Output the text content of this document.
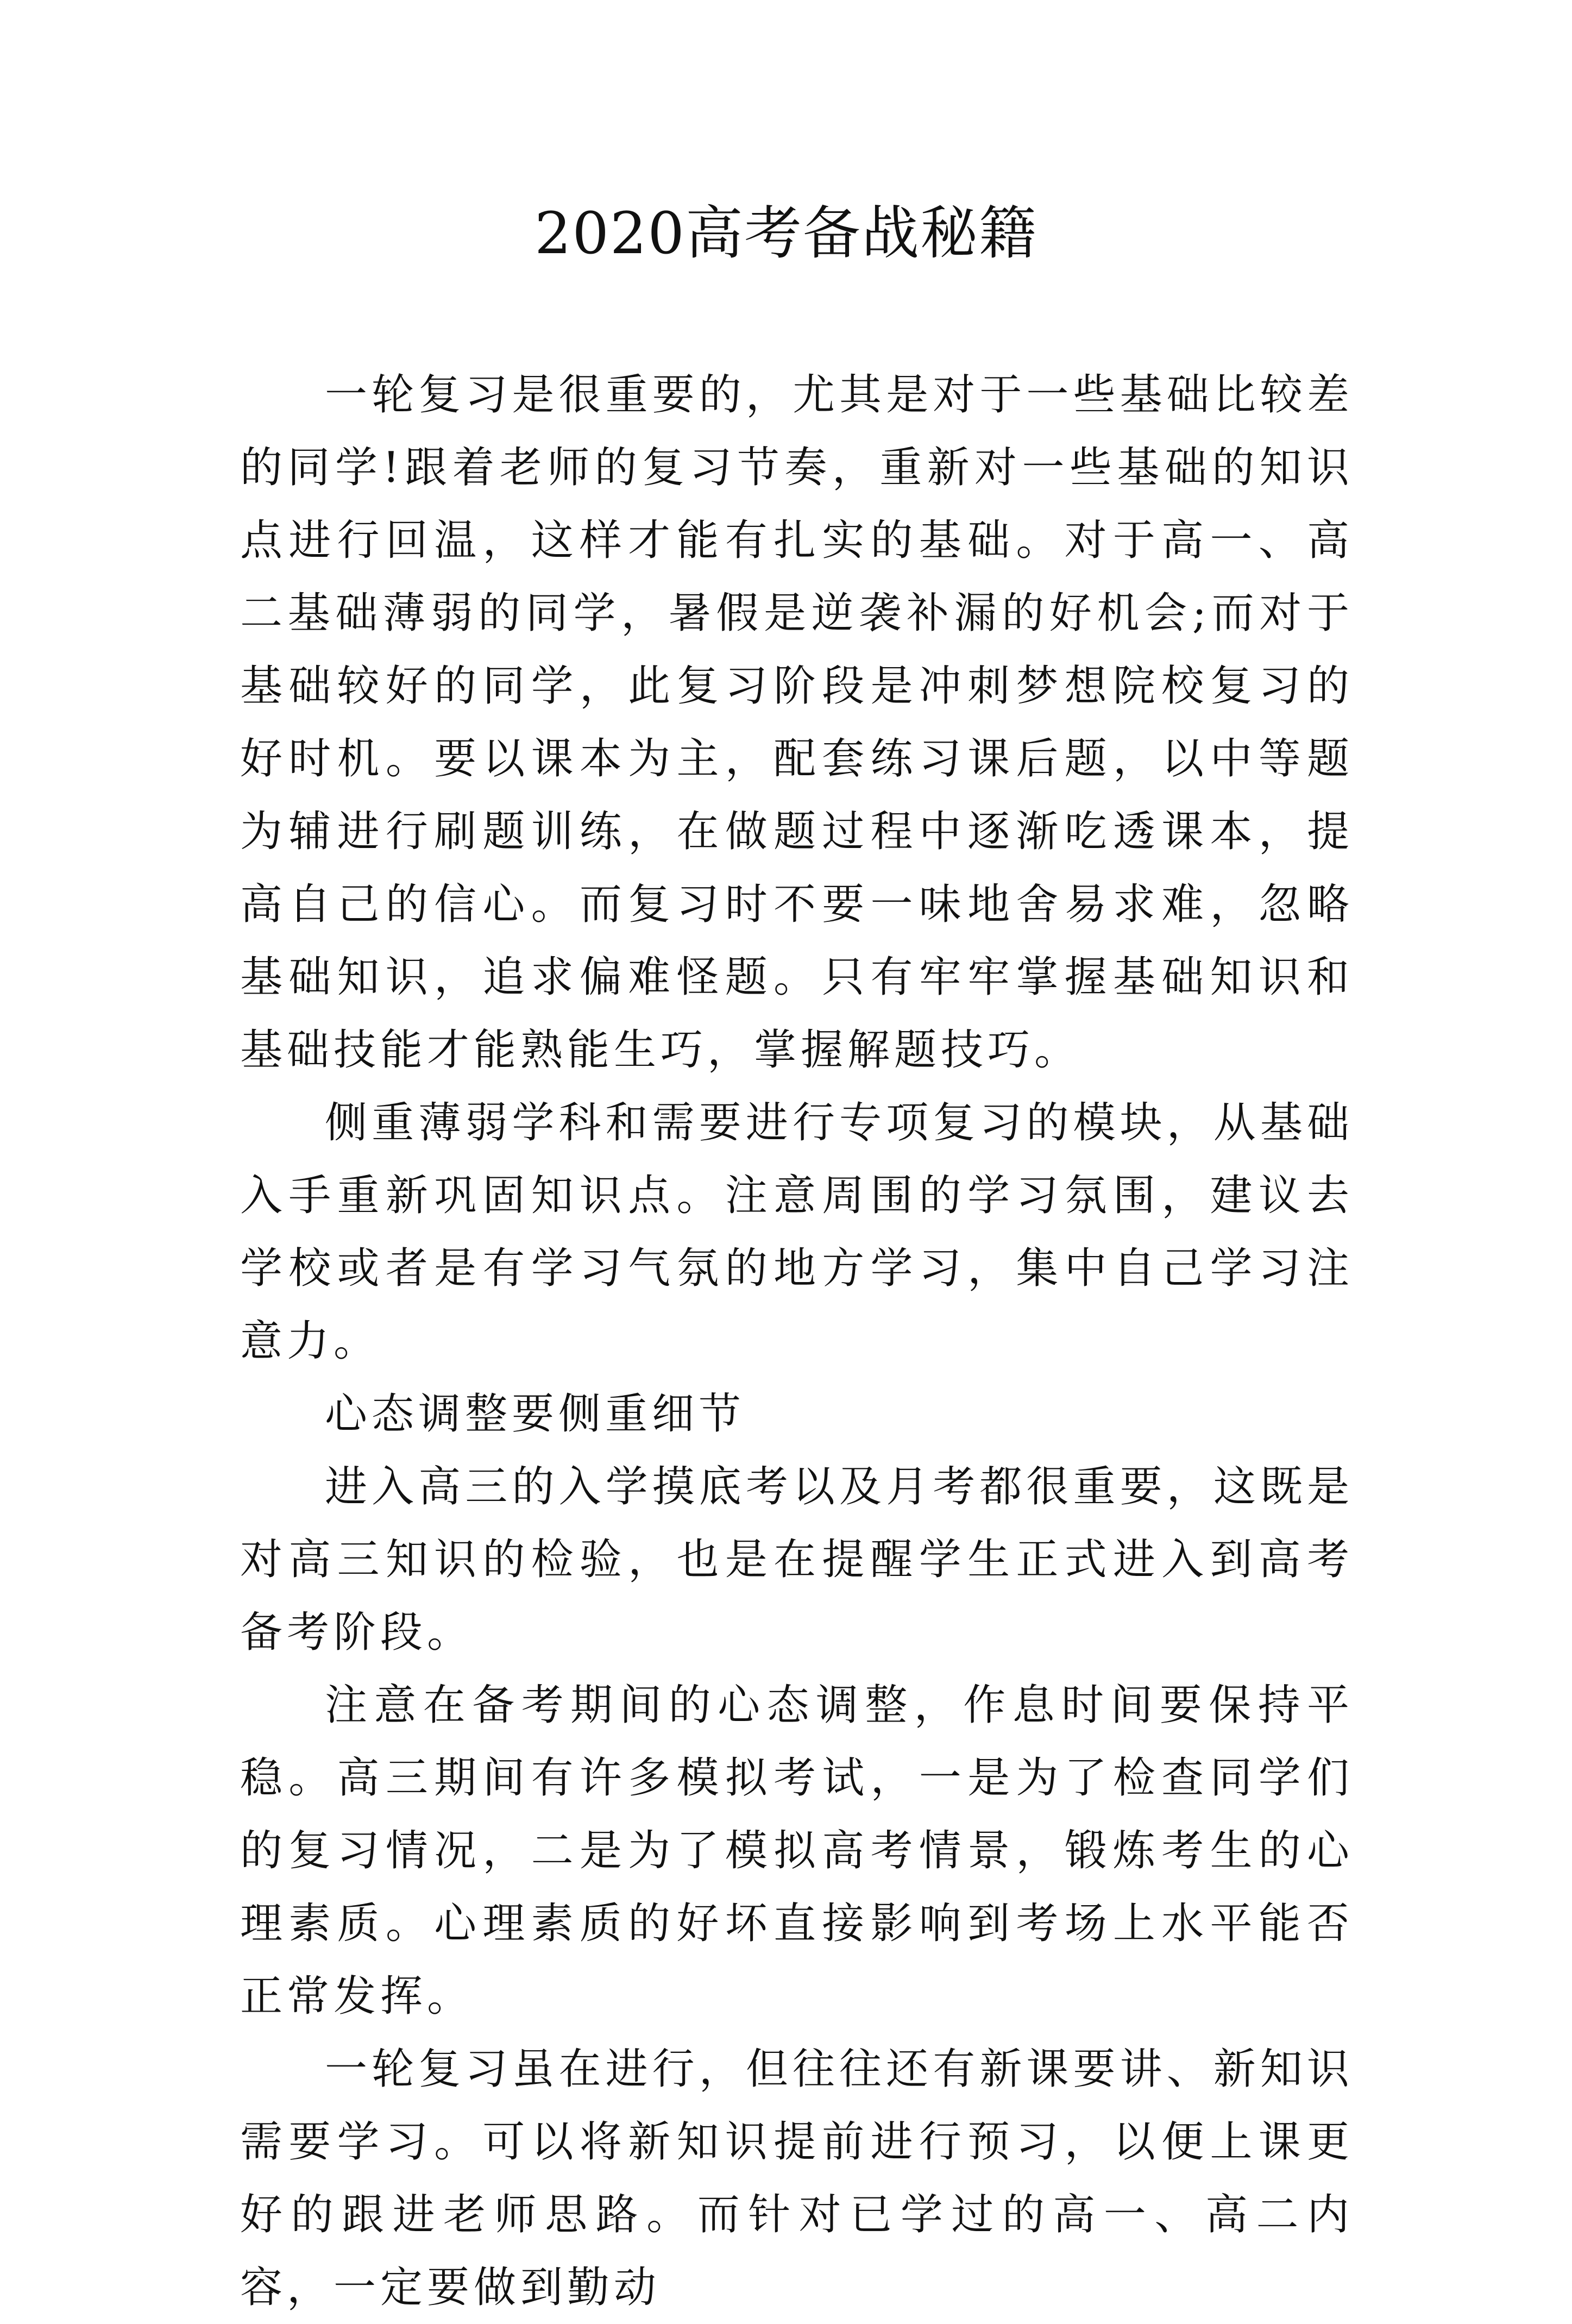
2020高考备战秘籍

一轮复习是很重要的，尤其是对于一些基础比较差的同学!跟着老师的复习节奏，重新对一些基础的知识点进行回温，这样才能有扎实的基础。对于高一、高二基础薄弱的同学，暑假是逆袭补漏的好机会;而对于基础较好的同学，此复习阶段是冲刺梦想院校复习的好时机。要以课本为主，配套练习课后题，以中等题为辅进行刷题训练，在做题过程中逐渐吃透课本，提高自己的信心。而复习时不要一味地舍易求难，忽略基础知识，追求偏难怪题。只有牢牢掌握基础知识和基础技能才能熟能生巧，掌握解题技巧。

侧重薄弱学科和需要进行专项复习的模块，从基础入手重新巩固知识点。注意周围的学习氛围，建议去学校或者是有学习气氛的地方学习，集中自己学习注意力。

心态调整要侧重细节

进入高三的入学摸底考以及月考都很重要，这既是对高三知识的检验，也是在提醒学生正式进入到高考备考阶段。

注意在备考期间的心态调整，作息时间要保持平稳。高三期间有许多模拟考试，一是为了检查同学们的复习情况，二是为了模拟高考情景，锻炼考生的心理素质。心理素质的好坏直接影响到考场上水平能否正常发挥。

一轮复习虽在进行，但往往还有新课要讲、新知识需要学习。可以将新知识提前进行预习，以便上课更好的跟进老师思路。而针对已学过的高一、高二内容，一定要做到勤动
